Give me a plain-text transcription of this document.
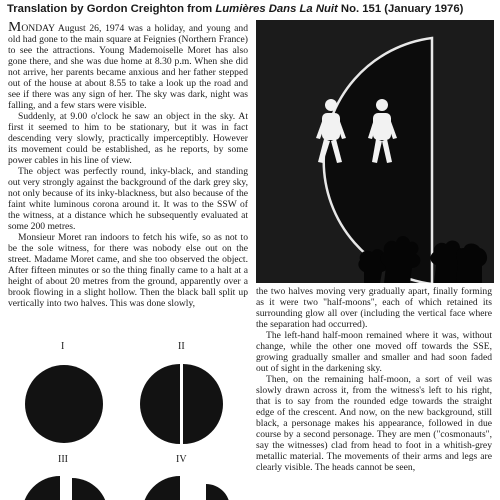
Translation by Gordon Creighton from Lumières Dans La Nuit No. 151 (January 1976)

MONDAY August 26, 1974 was a holiday, and young and old had gone to the main square at Feignies (Northern France) to see the attractions. Young Mademoiselle Moret has also gone there, and she was due home at 8.30 p.m. When she did not arrive, her parents became anxious and her father stepped out of the house at about 8.55 to take a look up the road and see if there was any sign of her. The sky was dark, night was falling, and a few stars were visible.

Suddenly, at 9.00 o'clock he saw an object in the sky. At first it seemed to him to be stationary, but it was in fact descending very slowly, practically imperceptibly. However its movement could be established, as he reports, by some power cables in his line of view.

The object was perfectly round, inky-black, and standing out very strongly against the background of the dark grey sky, not only because of its inky-blackness, but also because of the faint white luminous corona around it. It was to the SSW of the witness, at a distance which he subsequently evaluated at some 200 metres.

Monsieur Moret ran indoors to fetch his wife, so as not to be the sole witness, for there was nobody else out on the street. Madame Moret came, and she too observed the object. After fifteen minutes or so the thing finally came to a halt at a height of about 20 metres from the ground, apparently over a brook flowing in a slight hollow. Then the black ball split up vertically into two halves. This was done slowly,

the two halves moving very gradually apart, finally forming as it were two "half-moons", each of which retained its surrounding glow all over (including the vertical face where the separation had occurred).

The left-hand half-moon remained where it was, without change, while the other one moved off towards the SSE, growing gradually smaller and smaller and had soon faded out of sight in the darkening sky.

Then, on the remaining half-moon, a sort of veil was slowly drawn across it, from the witness's left to his right, that is to say from the rounded edge towards the straight edge of the crescent. And now, on the new background, still black, a personage makes his appearance, followed in due course by a second personage. They are men ("cosmonauts", say the witnesses) clad from head to foot in a whitish-grey metallic material. The movements of their arms and legs are clearly visible. The heads cannot be seen,

I	II
III	IV
